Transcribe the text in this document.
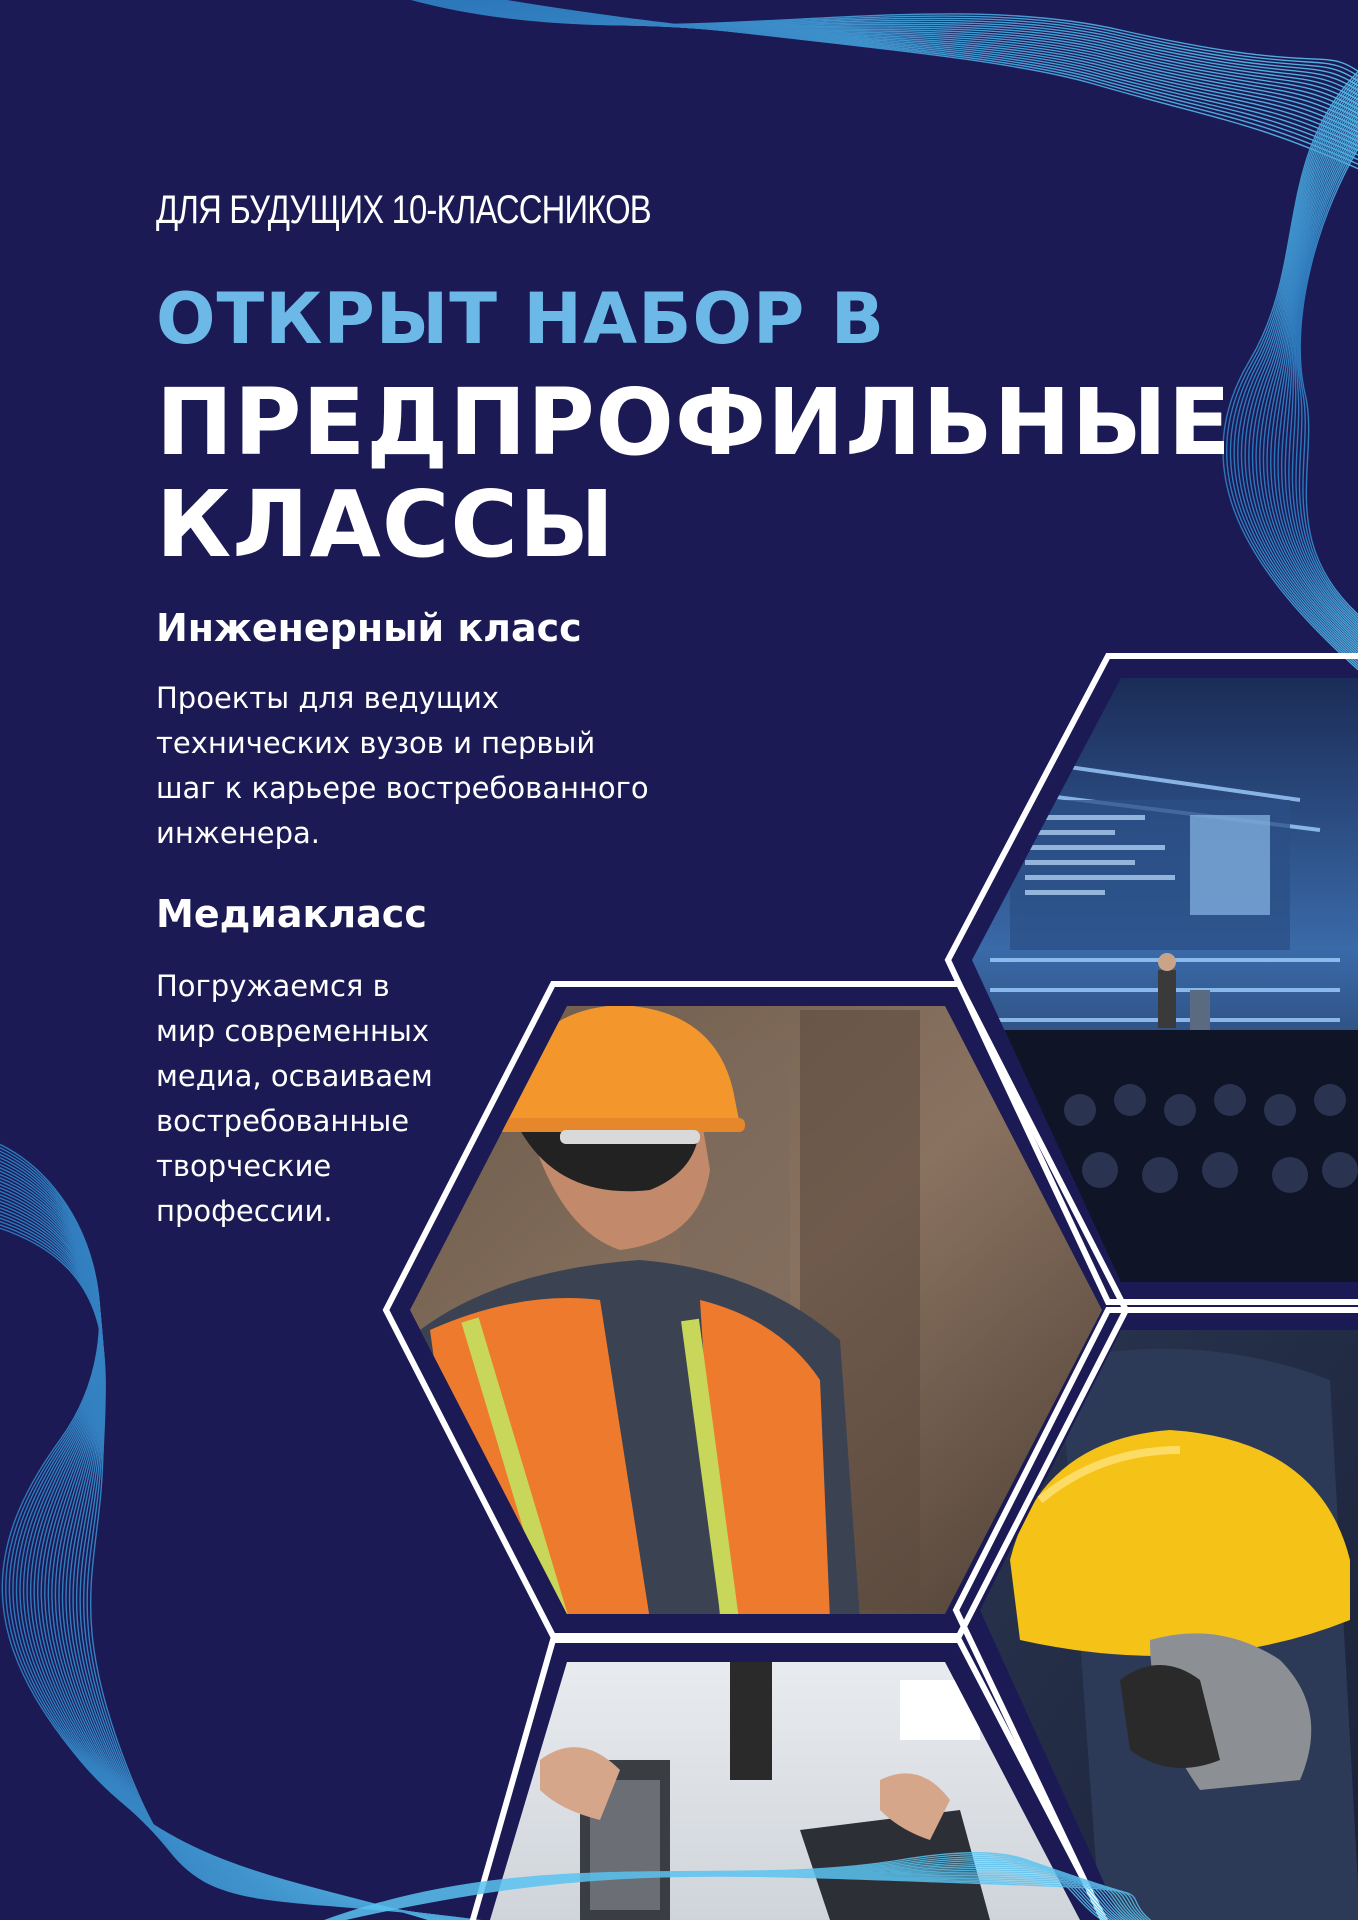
ДЛЯ БУДУЩИХ 10-КЛАССНИКОВ
ОТКРЫТ НАБОР В
ПРЕДПРОФИЛЬНЫЕ
КЛАССЫ
Инженерный класс
Проекты для ведущих
технических вузов и первый
шаг к карьере востребованного
инженера.
Медиакласс
Погружаемся в
мир современных
медиа, осваиваем
востребованные
творческие
профессии.
